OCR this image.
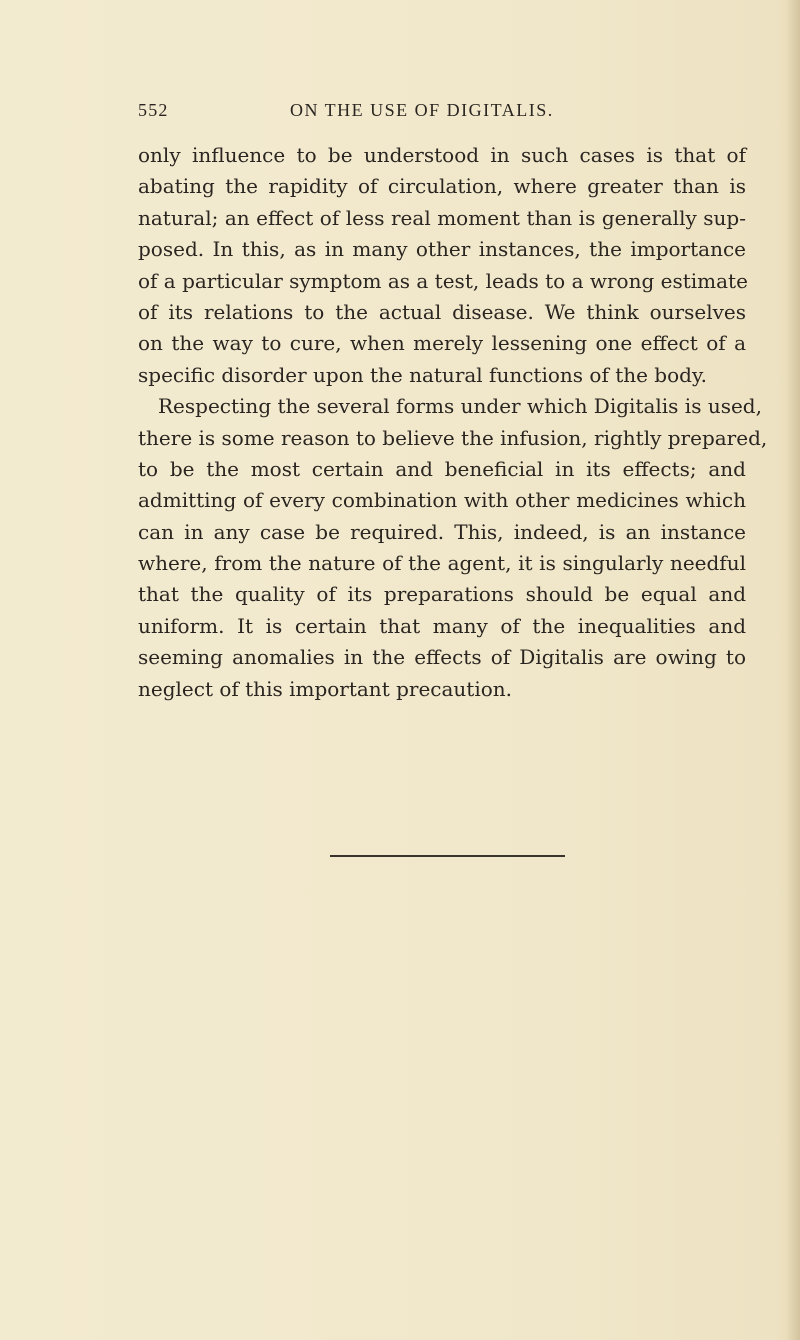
552	ON THE USE OF DIGITALIS.
only influence to be understood in such cases is that of
abating the rapidity of circulation, where greater than is
natural; an effect of less real moment than is generally sup-
posed. In this, as in many other instances, the importance
of a particular symptom as a test, leads to a wrong estimate
of its relations to the actual disease. We think ourselves
on the way to cure, when merely lessening one effect of a
specific disorder upon the natural functions of the body.
Respecting the several forms under which Digitalis is used,
there is some reason to believe the infusion, rightly prepared,
to be the most certain and beneficial in its effects; and
admitting of every combination with other medicines which
can in any case be required. This, indeed, is an instance
where, from the nature of the agent, it is singularly needful
that the quality of its preparations should be equal and
uniform. It is certain that many of the inequalities and
seeming anomalies in the effects of Digitalis are owing to
neglect of this important precaution.
